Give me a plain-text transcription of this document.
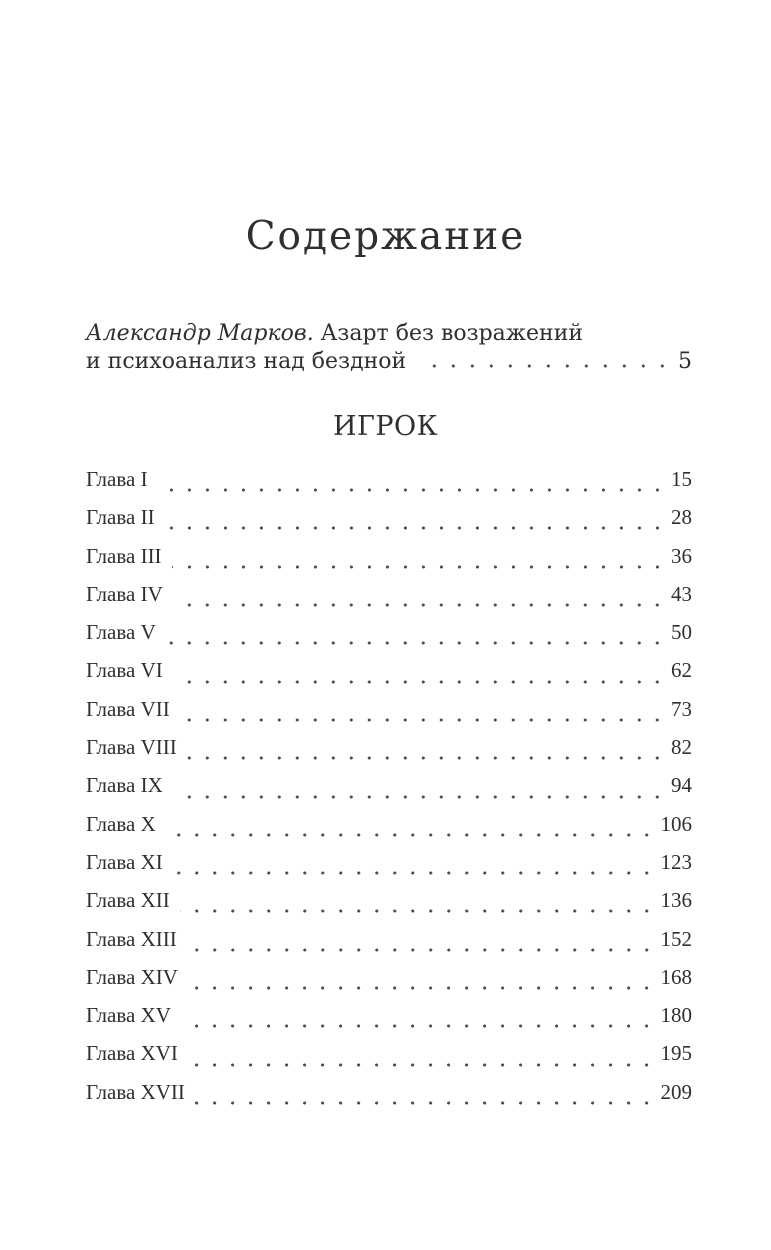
Содержание
Александр Марков. Азарт без возражений
и психоанализ над бездной	5
ИГРОК
Глава I	15
Глава II	28
Глава III	36
Глава IV	43
Глава V	50
Глава VI	62
Глава VII	73
Глава VIII	82
Глава IX	94
Глава X	106
Глава XI	123
Глава XII	136
Глава XIII	152
Глава XIV	168
Глава XV	180
Глава XVI	195
Глава XVII	209
